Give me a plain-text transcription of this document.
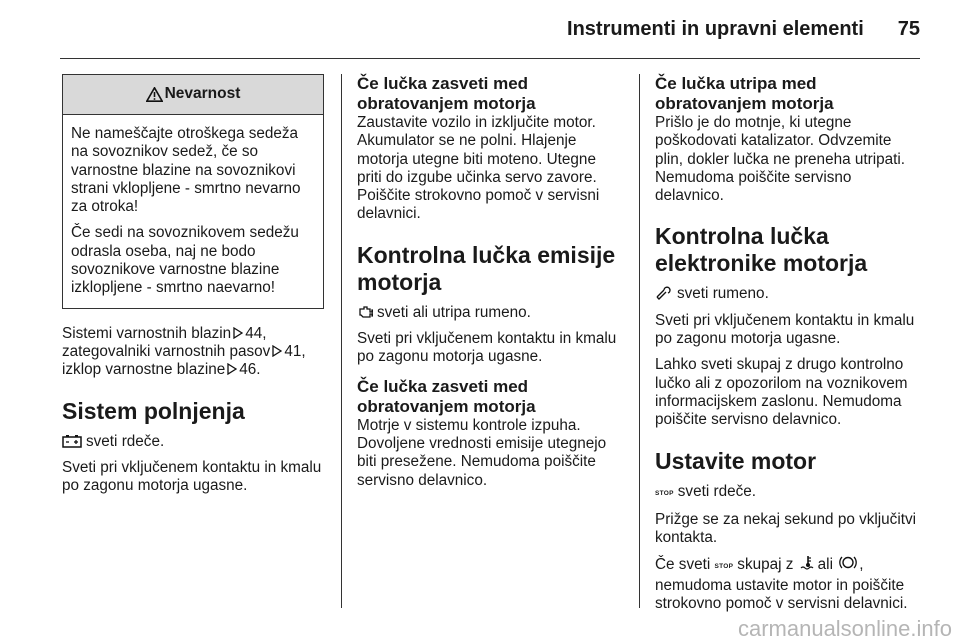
Instrumenti in upravni elementi 75
Nevarnost

Ne nameščajte otroškega sedeža na sovoznikov sedež, če so varnostne blazine na sovoznikovi strani vklopljene - smrtno nevarno za otroka!

Če sedi na sovoznikovem sedežu odrasla oseba, naj ne bodo sovoznikove varnostne blazine izklopljene - smrtno naevarno!

Sistemi varnostnih blazin 44,
zategovalniki varnostnih pasov 41,
izklop varnostne blazine 46.

Sistem polnjenja

sveti rdeče.

Sveti pri vključenem kontaktu in kmalu po zagonu motorja ugasne.

Če lučka zasveti med obratovanjem motorja

Zaustavite vozilo in izključite motor. Akumulator se ne polni. Hlajenje motorja utegne biti moteno. Utegne priti do izgube učinka servo zavore. Poiščite strokovno pomoč v servisni delavnici.

Kontrolna lučka emisije motorja

sveti ali utripa rumeno.

Sveti pri vključenem kontaktu in kmalu po zagonu motorja ugasne.

Če lučka zasveti med obratovanjem motorja

Motrje v sistemu kontrole izpuha. Dovoljene vrednosti emisije utegnejo biti presežene. Nemudoma poiščite servisno delavnico.

Če lučka utripa med obratovanjem motorja

Prišlo je do motnje, ki utegne poškodovati katalizator. Odvzemite plin, dokler lučka ne preneha utripati. Nemudoma poiščite servisno delavnico.

Kontrolna lučka elektronike motorja

sveti rumeno.

Sveti pri vključenem kontaktu in kmalu po zagonu motorja ugasne.

Lahko sveti skupaj z drugo kontrolno lučko ali z opozorilom na voznikovem informacijskem zaslonu. Nemudoma poiščite servisno delavnico.

Ustavite motor

STOP sveti rdeče.

Prižge se za nekaj sekund po vključitvi kontakta.

Če sveti STOP skupaj z ali ,
nemudoma ustavite motor in poiščite strokovno pomoč v servisni delavnici.

carmanualsonline.info
